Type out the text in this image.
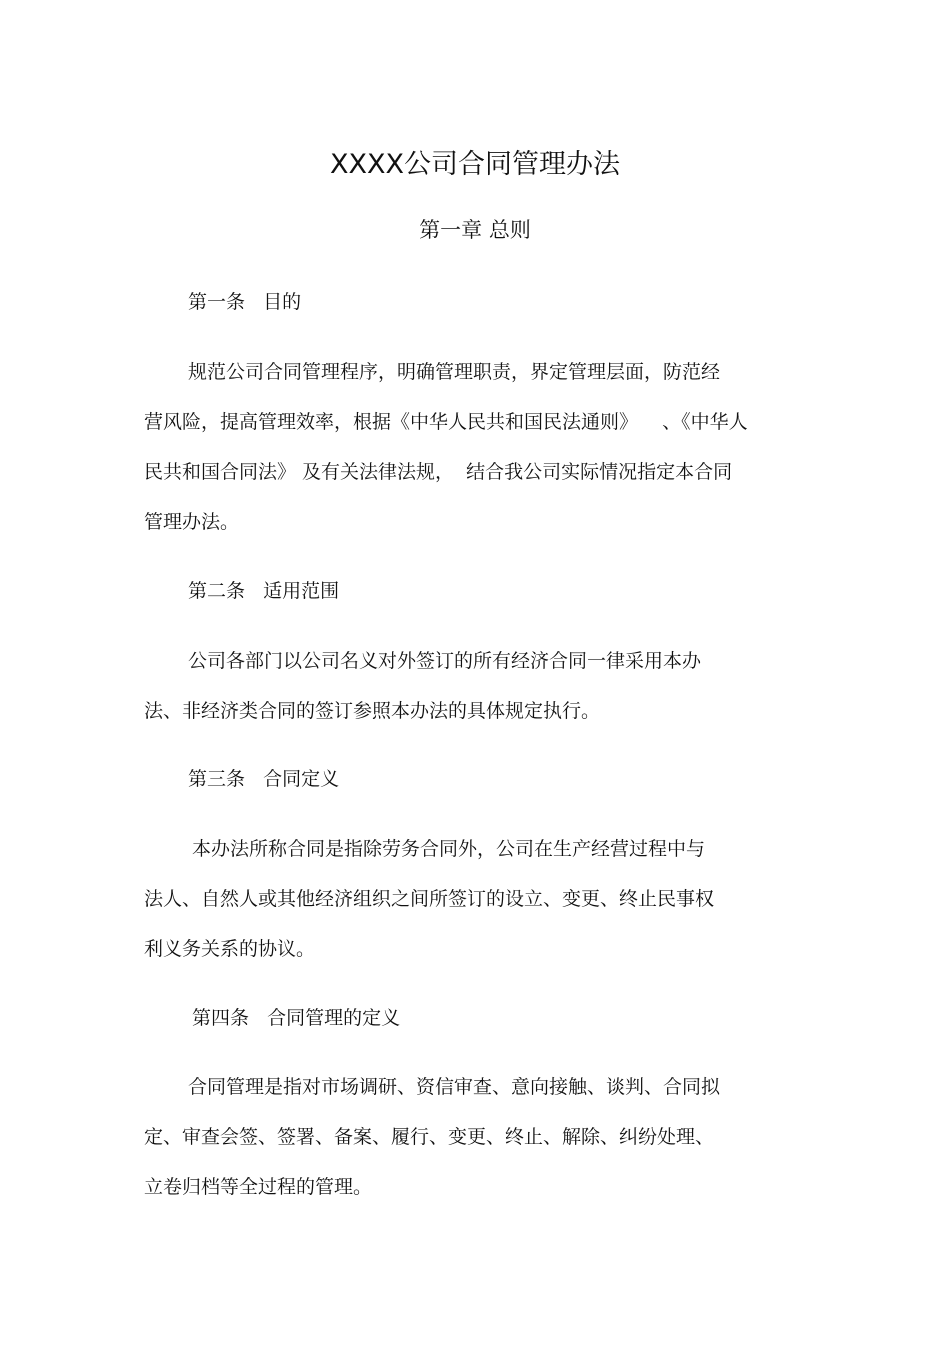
XXXX公司合同管理办法
第一章 总则
第一条   目的
规范公司合同管理程序，明确管理职责，界定管理层面，防范经
营风险，提高管理效率，根据《中华人民共和国民法通则》    、《中华人
民共和国合同法》 及有关法律法规，  结合我公司实际情况指定本合同
管理办法。
第二条   适用范围
公司各部门以公司名义对外签订的所有经济合同一律采用本办
法、非经济类合同的签订参照本办法的具体规定执行。
第三条   合同定义
本办法所称合同是指除劳务合同外，公司在生产经营过程中与
法人、自然人或其他经济组织之间所签订的设立、变更、终止民事权
利义务关系的协议。
第四条   合同管理的定义
合同管理是指对市场调研、资信审查、意向接触、谈判、合同拟
定、审查会签、签署、备案、履行、变更、终止、解除、纠纷处理、
立卷归档等全过程的管理。
